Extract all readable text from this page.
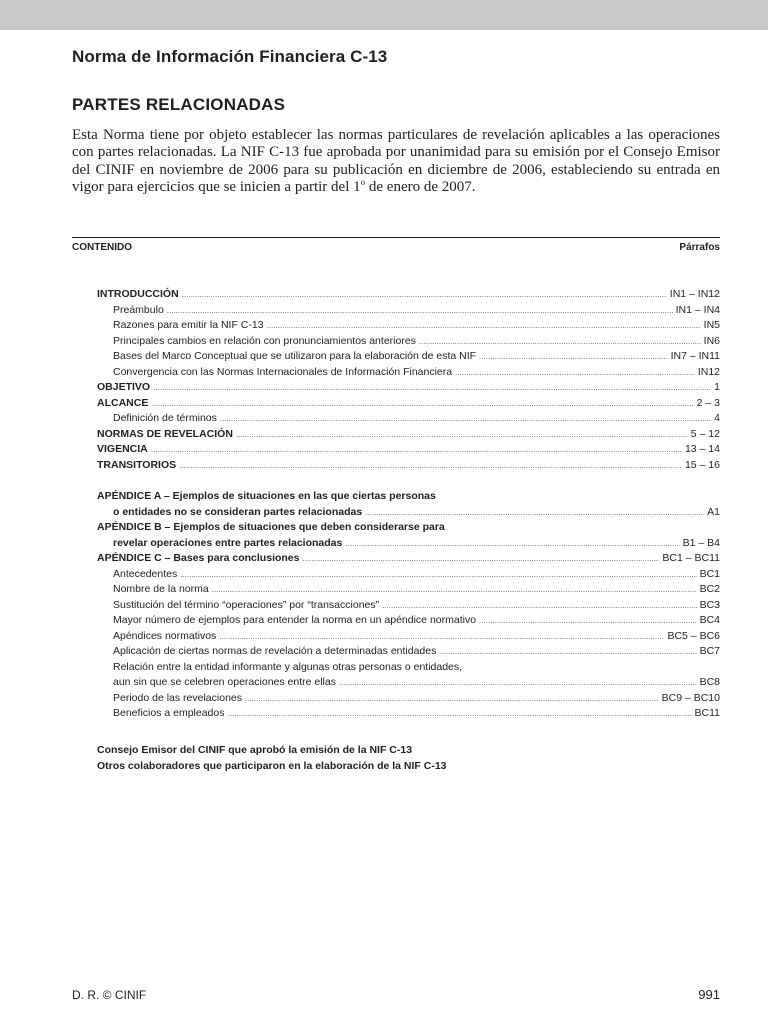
Norma de Información Financiera C-13
PARTES RELACIONADAS

Esta Norma tiene por objeto establecer las normas particulares de revelación aplicables a las operaciones con partes relacionadas. La NIF C-13 fue aprobada por unanimidad para su emisión por el Consejo Emisor del CINIF en noviembre de 2006 para su publicación en diciembre de 2006, estableciendo su entrada en vigor para ejercicios que se inicien a partir del 1$^o$ de enero de 2007.

CONTENIDO	Párrafos
INTRODUCCIÓN .....	IN1 – IN12
Preámbulo .....	IN1 – IN4
Razones para emitir la NIF C-13 .....	IN5
Principales cambios en relación con pronunciamientos anteriores .....	IN6
Bases del Marco Conceptual que se utilizaron para la elaboración de esta NIF .....	IN7 – IN11
Convergencia con las Normas Internacionales de Información Financiera .....	IN12
OBJETIVO .....	1
ALCANCE .....	2 – 3
Definición de términos .....	4
NORMAS DE REVELACIÓN .....	5 – 12
VIGENCIA .....	13 – 14
TRANSITORIOS .....	15 – 16
APÉNDICE A – Ejemplos de situaciones en las que ciertas personas
o entidades no se consideran partes relacionadas .....	A1
APÉNDICE B – Ejemplos de situaciones que deben considerarse para
revelar operaciones entre partes relacionadas .....	B1 – B4
APÉNDICE C – Bases para conclusiones .....	BC1 – BC11
Antecedentes .....	BC1
Nombre de la norma .....	BC2
Sustitución del término “operaciones” por “transacciones” .....	BC3
Mayor número de ejemplos para entender la norma en un apéndice normativo .....	BC4
Apéndices normativos .....	BC5 – BC6
Aplicación de ciertas normas de revelación a determinadas entidades .....	BC7
Relación entre la entidad informante y algunas otras personas o entidades,
aun sin que se celebren operaciones entre ellas .....	BC8
Periodo de las revelaciones .....	BC9 – BC10
Beneficios a empleados .....	BC11
Consejo Emisor del CINIF que aprobó la emisión de la NIF C-13
Otros colaboradores que participaron en la elaboración de la NIF C-13
D. R. © CINIF	991
